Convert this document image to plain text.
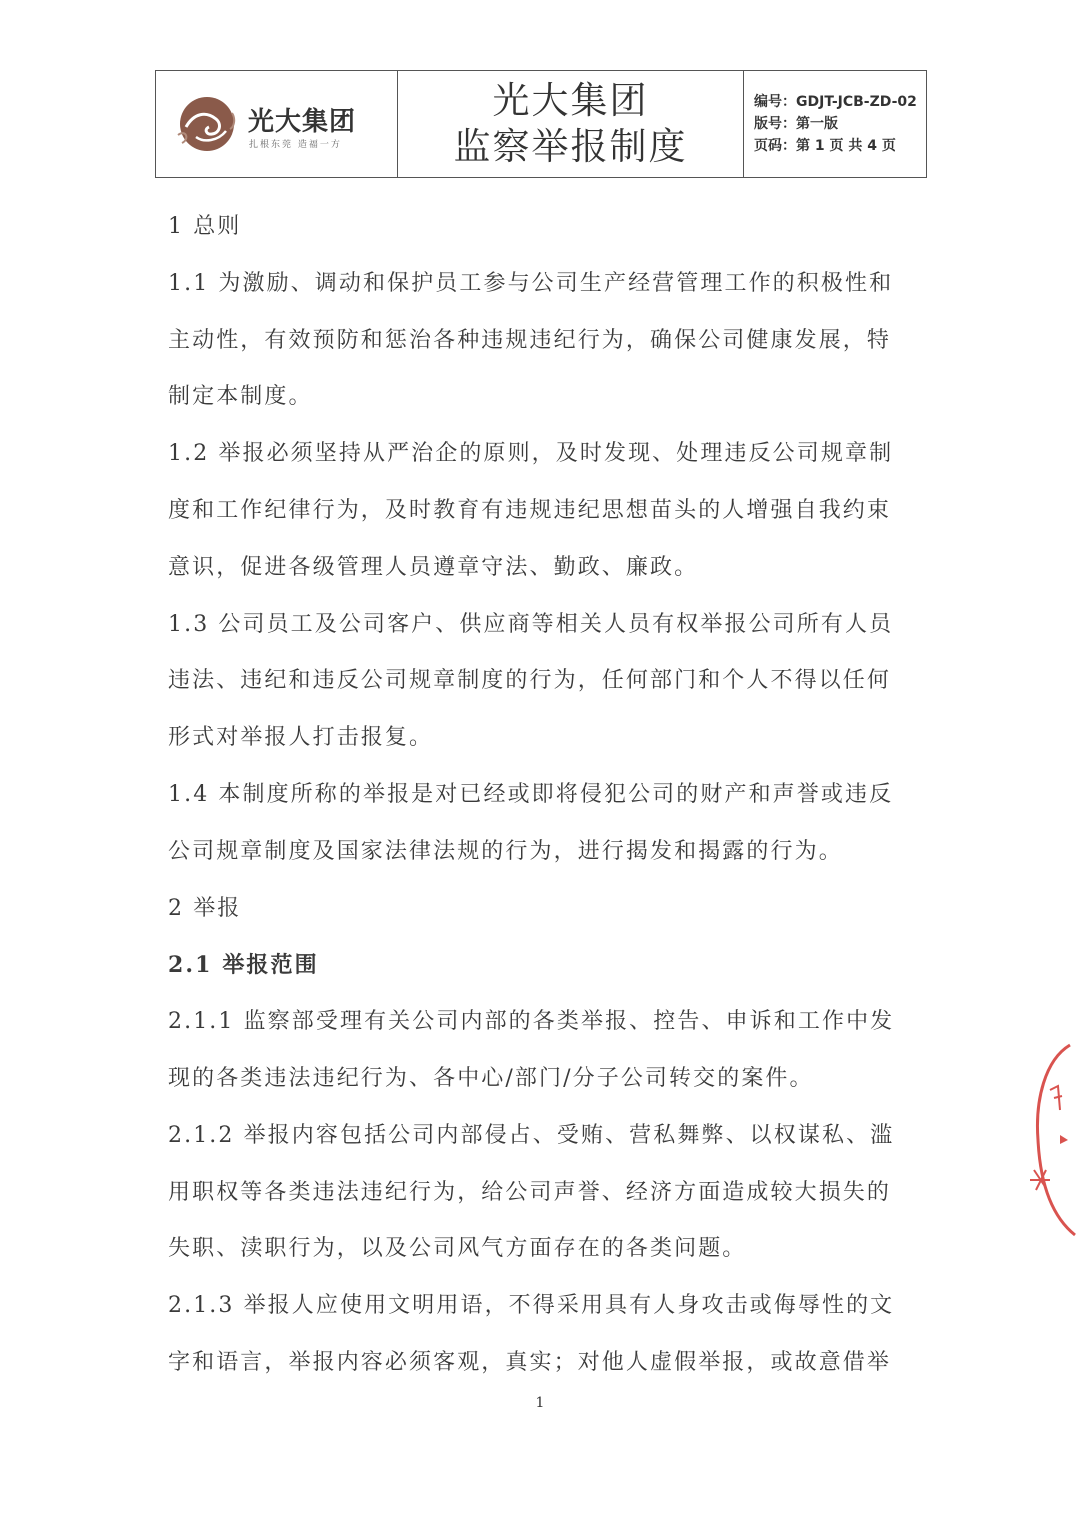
光大集团
扎根东莞 造福一方
光大集团
监察举报制度
编号：GDJT-JCB-ZD-02
版号：第一版
页码：第 1 页 共 4 页

1 总则

1.1 为激励、调动和保护员工参与公司生产经营管理工作的积极性和

主动性，有效预防和惩治各种违规违纪行为，确保公司健康发展，特

制定本制度。

1.2 举报必须坚持从严治企的原则，及时发现、处理违反公司规章制

度和工作纪律行为，及时教育有违规违纪思想苗头的人增强自我约束

意识，促进各级管理人员遵章守法、勤政、廉政。

1.3 公司员工及公司客户、供应商等相关人员有权举报公司所有人员

违法、违纪和违反公司规章制度的行为，任何部门和个人不得以任何

形式对举报人打击报复。

1.4 本制度所称的举报是对已经或即将侵犯公司的财产和声誉或违反

公司规章制度及国家法律法规的行为，进行揭发和揭露的行为。

2 举报

2.1 举报范围

2.1.1 监察部受理有关公司内部的各类举报、控告、申诉和工作中发

现的各类违法违纪行为、各中心/部门/分子公司转交的案件。

2.1.2 举报内容包括公司内部侵占、受贿、营私舞弊、以权谋私、滥

用职权等各类违法违纪行为，给公司声誉、经济方面造成较大损失的

失职、渎职行为，以及公司风气方面存在的各类问题。

2.1.3 举报人应使用文明用语，不得采用具有人身攻击或侮辱性的文

字和语言，举报内容必须客观，真实；对他人虚假举报，或故意借举

1
